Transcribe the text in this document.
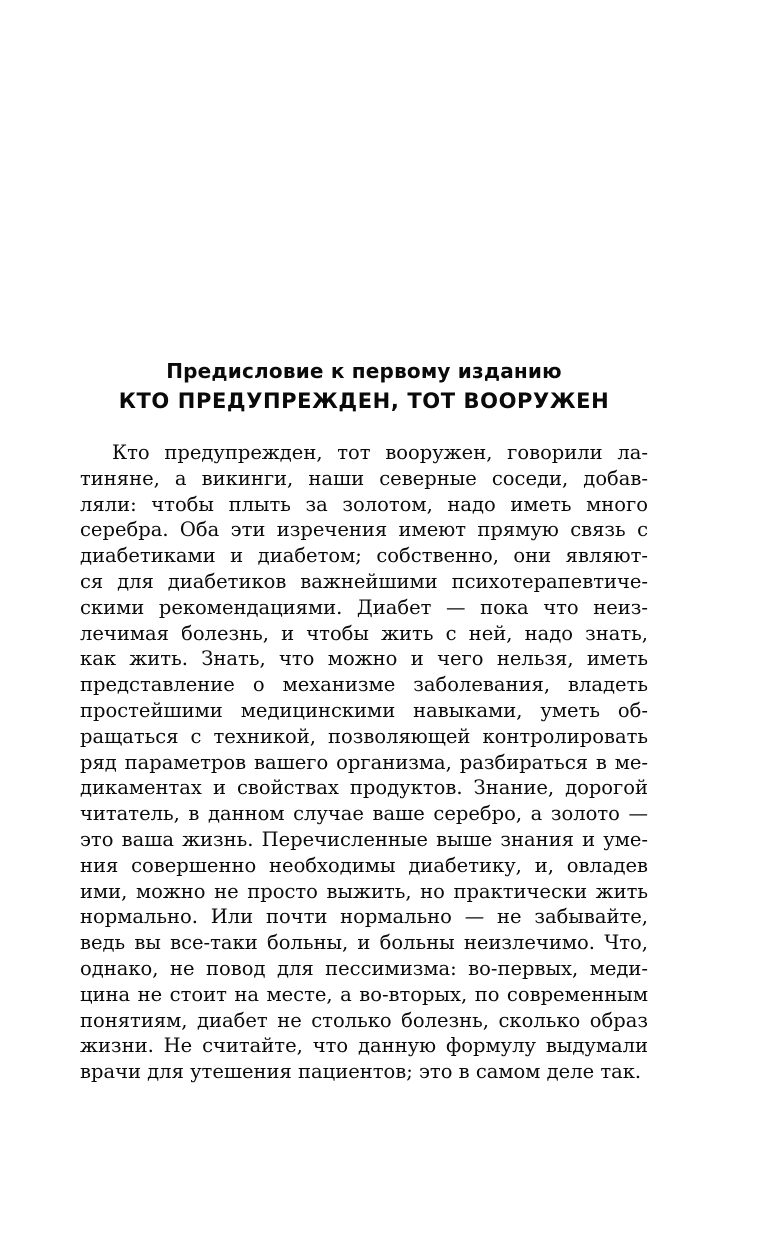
Предисловие к первому изданию
КТО ПРЕДУПРЕЖДЕН, ТОТ ВООРУЖЕН
Кто предупрежден, тот вооружен, говорили ла-
тиняне, а викинги, наши северные соседи, добав-
ляли: чтобы плыть за золотом, надо иметь много
серебра. Оба эти изречения имеют прямую связь с
диабетиками и диабетом; собственно, они являют-
ся для диабетиков важнейшими психотерапевтиче-
скими рекомендациями. Диабет — пока что неиз-
лечимая болезнь, и чтобы жить с ней, надо знать,
как жить. Знать, что можно и чего нельзя, иметь
представление о механизме заболевания, владеть
простейшими медицинскими навыками, уметь об-
ращаться с техникой, позволяющей контролировать
ряд параметров вашего организма, разбираться в ме-
дикаментах и свойствах продуктов. Знание, дорогой
читатель, в данном случае ваше серебро, а золото —
это ваша жизнь. Перечисленные выше знания и уме-
ния совершенно необходимы диабетику, и, овладев
ими, можно не просто выжить, но практически жить
нормально. Или почти нормально — не забывайте,
ведь вы все-таки больны, и больны неизлечимо. Что,
однако, не повод для пессимизма: во-первых, меди-
цина не стоит на месте, а во-вторых, по современным
понятиям, диабет не столько болезнь, сколько образ
жизни. Не считайте, что данную формулу выдумали
врачи для утешения пациентов; это в самом деле так.
